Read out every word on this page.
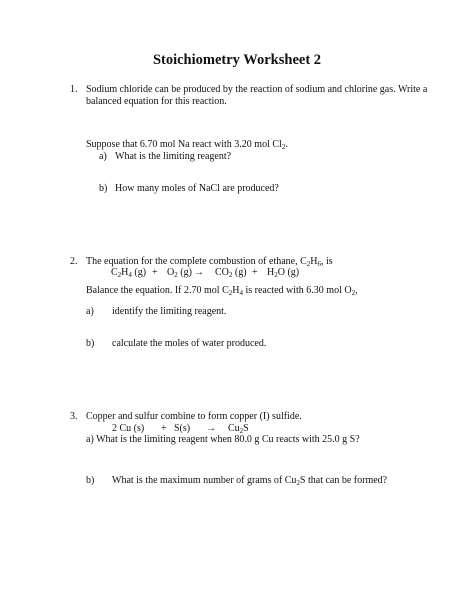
Stoichiometry Worksheet 2
1. Sodium chloride can be produced by the reaction of sodium and chlorine gas. Write a
balanced equation for this reaction.
Suppose that 6.70 mol Na react with 3.20 mol $Cl_2$.
a) What is the limiting reagent?
b) How many moles of NaCl are produced?
2. The equation for the complete combustion of ethane, $C_2H_6$, is
$C_2H_4$ $(g) + O_2$ $(g) \to CO_2$ $(g) + H_2O$ (g)
Balance the equation. If 2.70 mol $C_2H_4$ is reacted with 6.30 mol $O_2$,
a) identify the limiting reagent.
b) calculate the moles of water produced.
3. Copper and sulfur combine to form copper (I) sulfide.
2 Cu $(s) + S(s) \to Cu_2S$
a) What is the limiting reagent when 80.0 g Cu reacts with 25.0 g S?
b) What is the maximum number of grams of $Cu_2S$ that can be formed?
